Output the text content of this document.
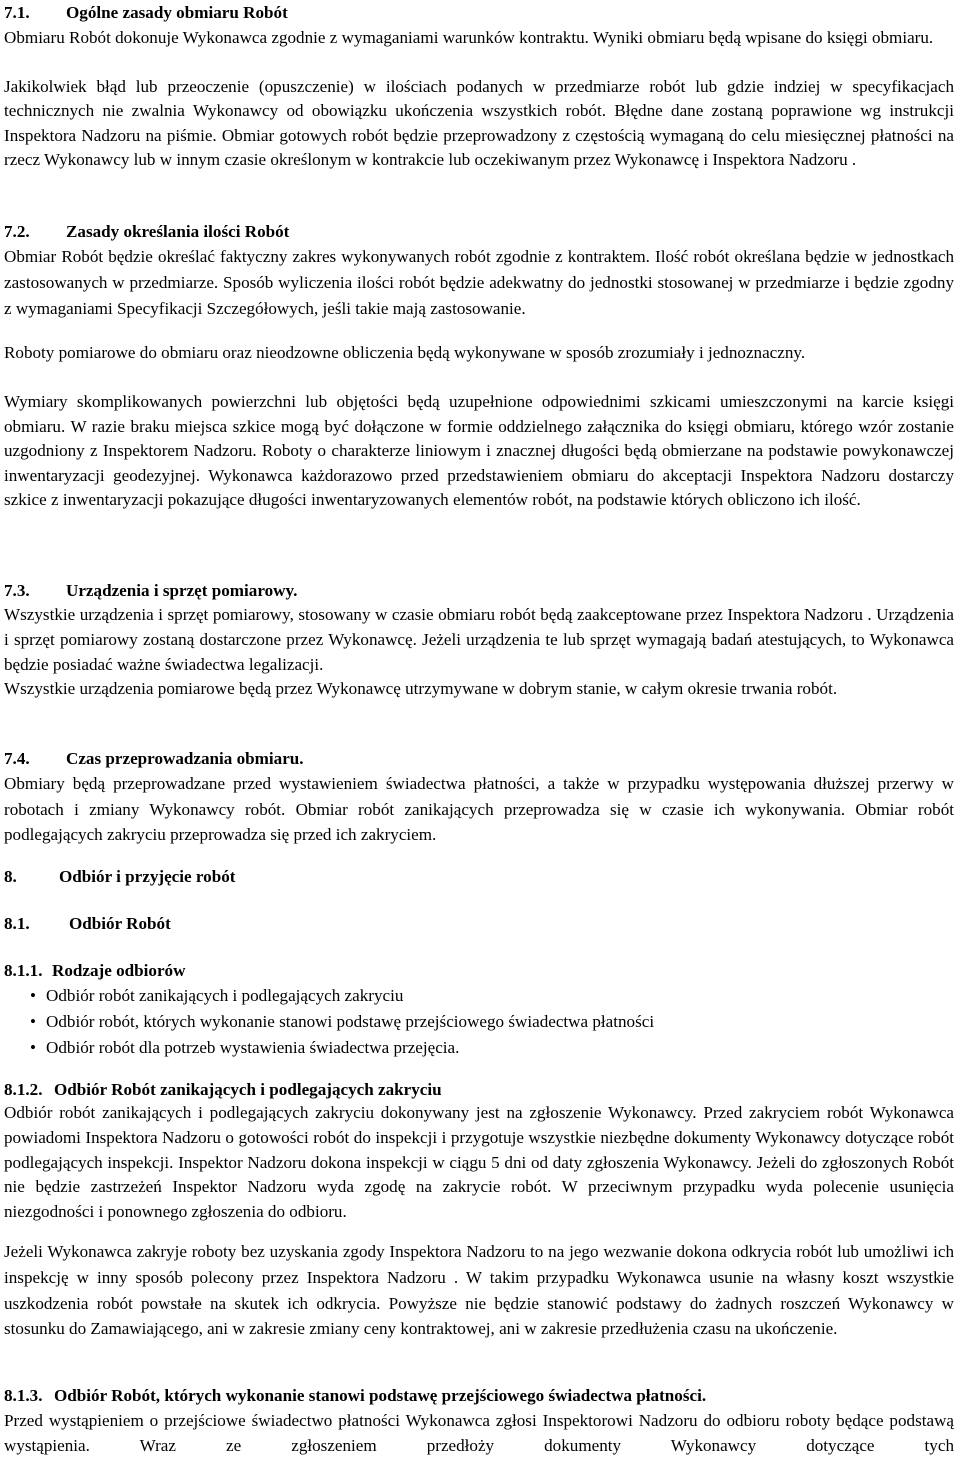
7.1. Ogólne zasady obmiaru Robót
Obmiaru Robót dokonuje Wykonawca zgodnie z wymaganiami warunków kontraktu. Wyniki obmiaru będą wpisane do księgi obmiaru.
Jakikolwiek błąd lub przeoczenie (opuszczenie) w ilościach podanych w przedmiarze robót lub gdzie indziej w specyfikacjach technicznych nie zwalnia Wykonawcy od obowiązku ukończenia wszystkich robót. Błędne dane zostaną poprawione wg instrukcji Inspektora Nadzoru na piśmie. Obmiar gotowych robót będzie przeprowadzony z częstością wymaganą do celu miesięcznej płatności na rzecz Wykonawcy lub w innym czasie określonym w kontrakcie lub oczekiwanym przez Wykonawcę i Inspektora Nadzoru .
7.2. Zasady określania ilości Robót
Obmiar Robót będzie określać faktyczny zakres wykonywanych robót zgodnie z kontraktem. Ilość robót określana będzie w jednostkach zastosowanych w przedmiarze. Sposób wyliczenia ilości robót będzie adekwatny do jednostki stosowanej w przedmiarze i będzie zgodny z wymaganiami Specyfikacji Szczegółowych, jeśli takie mają zastosowanie.
Roboty pomiarowe do obmiaru oraz nieodzowne obliczenia będą wykonywane w sposób zrozumiały i jednoznaczny.
Wymiary skomplikowanych powierzchni lub objętości będą uzupełnione odpowiednimi szkicami umieszczonymi na karcie księgi obmiaru. W razie braku miejsca szkice mogą być dołączone w formie oddzielnego załącznika do księgi obmiaru, którego wzór zostanie uzgodniony z Inspektorem Nadzoru. Roboty o charakterze liniowym i znacznej długości będą obmierzane na podstawie powykonawczej inwentaryzacji geodezyjnej. Wykonawca każdorazowo przed przedstawieniem obmiaru do akceptacji Inspektora Nadzoru dostarczy szkice z inwentaryzacji pokazujące długości inwentaryzowanych elementów robót, na podstawie których obliczono ich ilość.
7.3. Urządzenia i sprzęt pomiarowy.
Wszystkie urządzenia i sprzęt pomiarowy, stosowany w czasie obmiaru robót będą zaakceptowane przez Inspektora Nadzoru . Urządzenia i sprzęt pomiarowy zostaną dostarczone przez Wykonawcę. Jeżeli urządzenia te lub sprzęt wymagają badań atestujących, to Wykonawca będzie posiadać ważne świadectwa legalizacji.
Wszystkie urządzenia pomiarowe będą przez Wykonawcę utrzymywane w dobrym stanie, w całym okresie trwania robót.
7.4. Czas przeprowadzania obmiaru.
Obmiary będą przeprowadzane przed wystawieniem świadectwa płatności, a także w przypadku występowania dłuższej przerwy w robotach i zmiany Wykonawcy robót. Obmiar robót zanikających przeprowadza się w czasie ich wykonywania. Obmiar robót podlegających zakryciu przeprowadza się przed ich zakryciem.
8. Odbiór i przyjęcie robót
8.1. Odbiór Robót
8.1.1. Rodzaje odbiorów
• Odbiór robót zanikających i podlegających zakryciu
• Odbiór robót, których wykonanie stanowi podstawę przejściowego świadectwa płatności
• Odbiór robót dla potrzeb wystawienia świadectwa przejęcia.
8.1.2. Odbiór Robót zanikających i podlegających zakryciu
Odbiór robót zanikających i podlegających zakryciu dokonywany jest na zgłoszenie Wykonawcy. Przed zakryciem robót Wykonawca powiadomi Inspektora Nadzoru o gotowości robót do inspekcji i przygotuje wszystkie niezbędne dokumenty Wykonawcy dotyczące robót podlegających inspekcji. Inspektor Nadzoru dokona inspekcji w ciągu 5 dni od daty zgłoszenia Wykonawcy. Jeżeli do zgłoszonych Robót nie będzie zastrzeżeń Inspektor Nadzoru wyda zgodę na zakrycie robót. W przeciwnym przypadku wyda polecenie usunięcia niezgodności i ponownego zgłoszenia do odbioru.
Jeżeli Wykonawca zakryje roboty bez uzyskania zgody Inspektora Nadzoru to na jego wezwanie dokona odkrycia robót lub umożliwi ich inspekcję w inny sposób polecony przez Inspektora Nadzoru . W takim przypadku Wykonawca usunie na własny koszt wszystkie uszkodzenia robót powstałe na skutek ich odkrycia. Powyższe nie będzie stanowić podstawy do żadnych roszczeń Wykonawcy w stosunku do Zamawiającego, ani w zakresie zmiany ceny kontraktowej, ani w zakresie przedłużenia czasu na ukończenie.
8.1.3. Odbiór Robót, których wykonanie stanowi podstawę przejściowego świadectwa płatności.
Przed wystąpieniem o przejściowe świadectwo płatności Wykonawca zgłosi Inspektorowi Nadzoru do odbioru roboty będące podstawą wystąpienia. Wraz ze zgłoszeniem przedłoży dokumenty Wykonawcy dotyczące tych
